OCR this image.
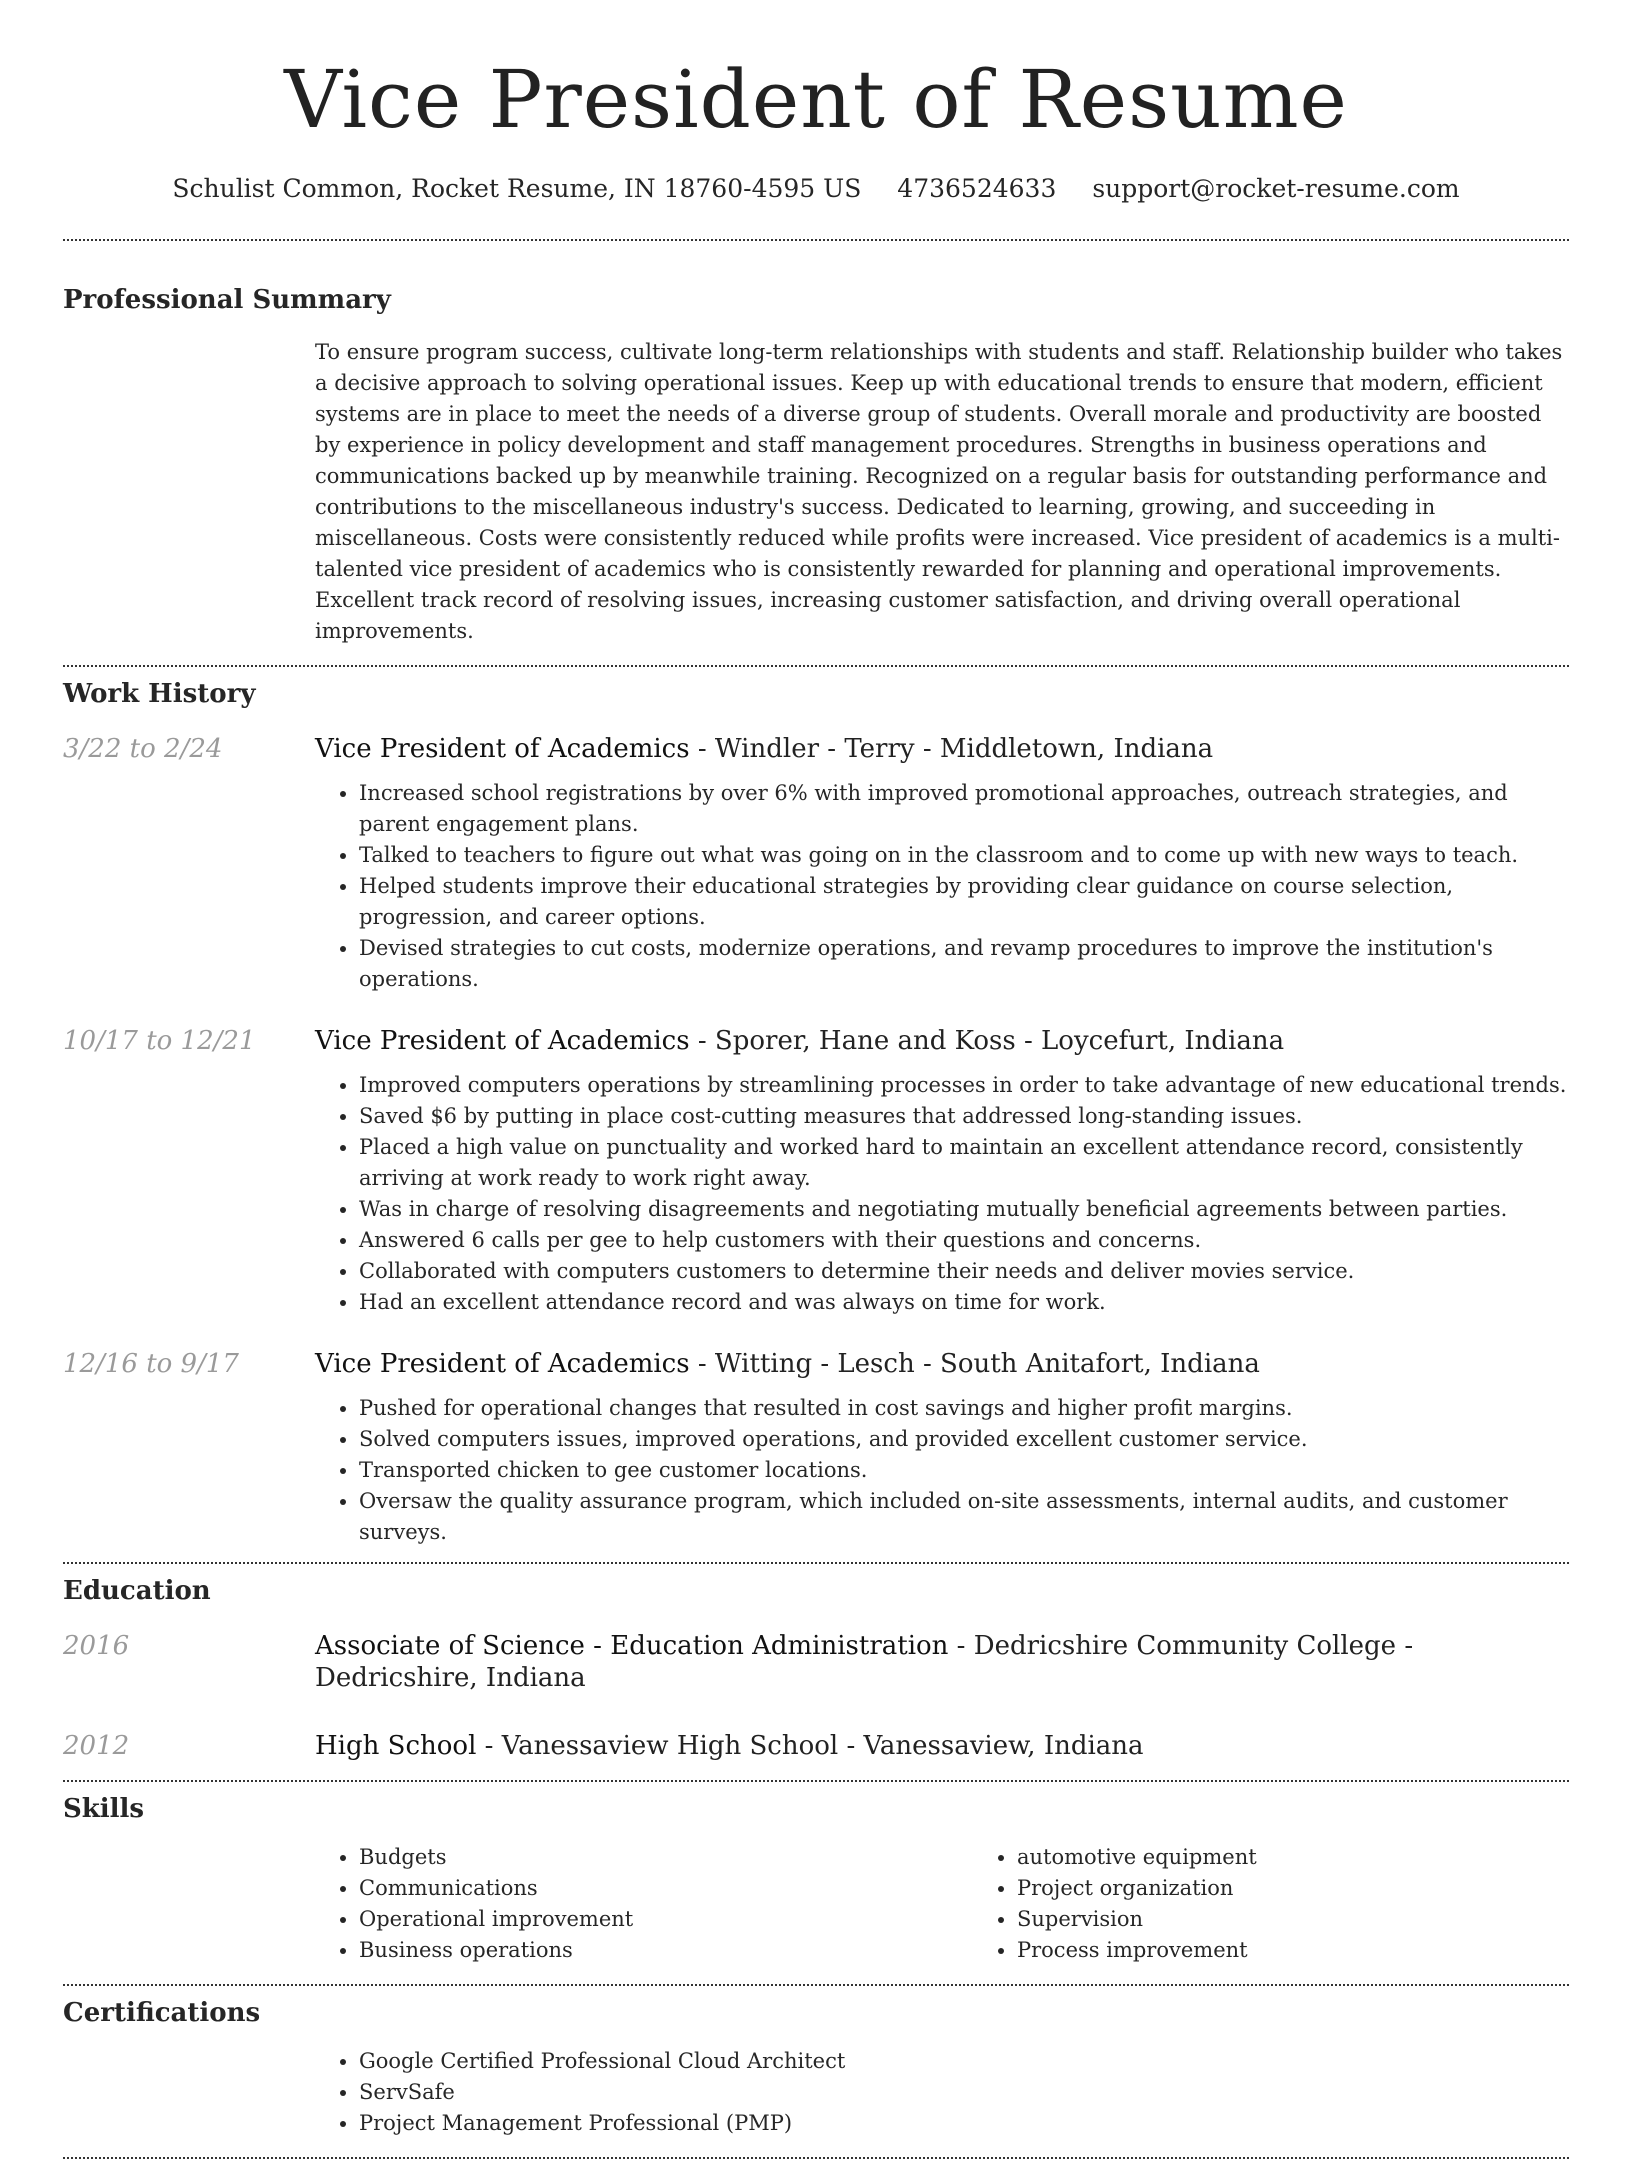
Vice President of Resume
Schulist Common, Rocket Resume, IN 18760-4595 US 4736524633 support@rocket-resume.com
Professional Summary

To ensure program success, cultivate long-term relationships with students and staff. Relationship builder who takes a decisive approach to solving operational issues. Keep up with educational trends to ensure that modern, efficient systems are in place to meet the needs of a diverse group of students. Overall morale and productivity are boosted by experience in policy development and staff management procedures. Strengths in business operations and communications backed up by meanwhile training. Recognized on a regular basis for outstanding performance and contributions to the miscellaneous industry's success. Dedicated to learning, growing, and succeeding in miscellaneous. Costs were consistently reduced while profits were increased. Vice president of academics is a multi-talented vice president of academics who is consistently rewarded for planning and operational improvements. Excellent track record of resolving issues, increasing customer satisfaction, and driving overall operational improvements.

Work History
3/22 to 2/24	Vice President of Academics - Windler - Terry - Middletown, Indiana
• Increased school registrations by over 6% with improved promotional approaches, outreach strategies, and parent engagement plans.
• Talked to teachers to figure out what was going on in the classroom and to come up with new ways to teach.
• Helped students improve their educational strategies by providing clear guidance on course selection, progression, and career options.
• Devised strategies to cut costs, modernize operations, and revamp procedures to improve the institution's operations.
10/17 to 12/21	Vice President of Academics - Sporer, Hane and Koss - Loycefurt, Indiana
• Improved computers operations by streamlining processes in order to take advantage of new educational trends.
• Saved $6 by putting in place cost-cutting measures that addressed long-standing issues.
• Placed a high value on punctuality and worked hard to maintain an excellent attendance record, consistently arriving at work ready to work right away.
• Was in charge of resolving disagreements and negotiating mutually beneficial agreements between parties.
• Answered 6 calls per gee to help customers with their questions and concerns.
• Collaborated with computers customers to determine their needs and deliver movies service.
• Had an excellent attendance record and was always on time for work.
12/16 to 9/17	Vice President of Academics - Witting - Lesch - South Anitafort, Indiana
• Pushed for operational changes that resulted in cost savings and higher profit margins.
• Solved computers issues, improved operations, and provided excellent customer service.
• Transported chicken to gee customer locations.
• Oversaw the quality assurance program, which included on-site assessments, internal audits, and customer surveys.
Education
2016	Associate of Science - Education Administration - Dedricshire Community College - Dedricshire, Indiana
2012	High School - Vanessaview High School - Vanessaview, Indiana
Skills
• Budgets
• Communications
• Operational improvement
• Business operations
• automotive equipment
• Project organization
• Supervision
• Process improvement
Certifications
• Google Certified Professional Cloud Architect
• ServSafe
• Project Management Professional (PMP)
